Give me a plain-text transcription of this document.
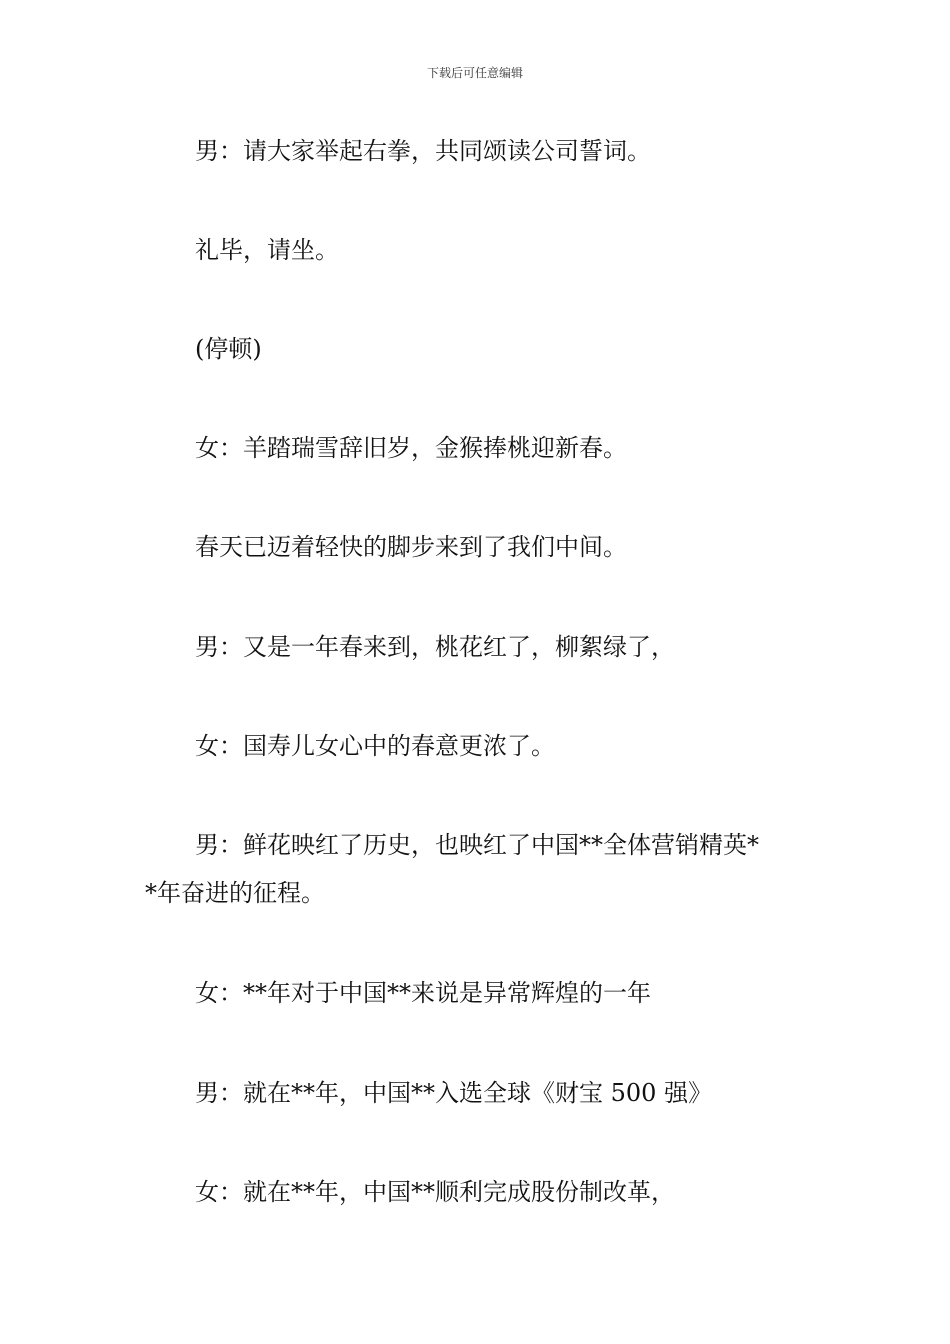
下载后可任意编辑
男：请大家举起右拳，共同颂读公司誓词。
礼毕，请坐。
(停顿)
女：羊踏瑞雪辞旧岁，金猴捧桃迎新春。
春天已迈着轻快的脚步来到了我们中间。
男：又是一年春来到，桃花红了，柳絮绿了，
女：国寿儿女心中的春意更浓了。
男：鲜花映红了历史，也映红了中国**全体营销精英*
*年奋进的征程。
女：**年对于中国**来说是异常辉煌的一年
男：就在**年，中国**入选全球《财宝 500 强》
女：就在**年，中国**顺利完成股份制改革，
